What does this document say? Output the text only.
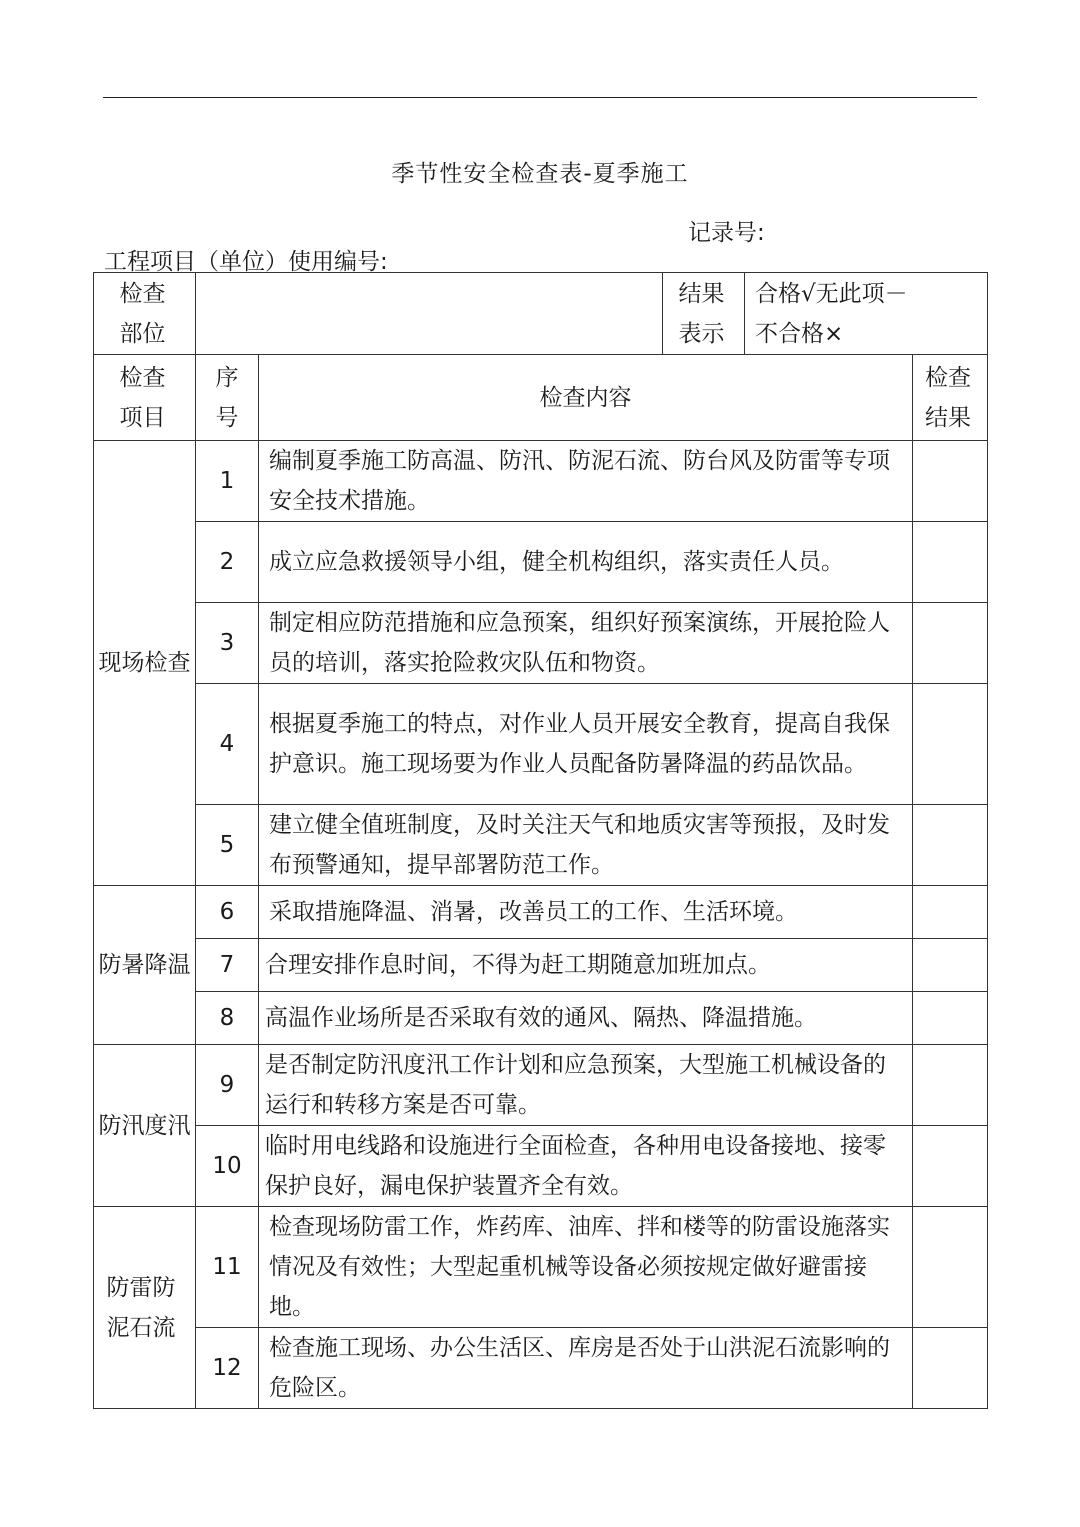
季节性安全检查表-夏季施工
记录号:
工程项目（单位）使用编号:
检查部位			结果表示	合格√无此项－
不合格×	

检查项目	序号	检查内容			检查结果
现场检查	1	编制夏季施工防高温、防汛、防泥石流、防台风及防雷等专项安全技术措施。			
	2	成立应急救援领导小组，健全机构组织，落实责任人员。			
	3	制定相应防范措施和应急预案，组织好预案演练，开展抢险人员的培训，落实抢险救灾队伍和物资。			
	4	根据夏季施工的特点，对作业人员开展安全教育，提高自我保护意识。施工现场要为作业人员配备防暑降温的药品饮品。			
	5	建立健全值班制度，及时关注天气和地质灾害等预报，及时发布预警通知，提早部署防范工作。			
防暑降温	6	采取措施降温、消暑，改善员工的工作、生活环境。			
	7	合理安排作息时间，不得为赶工期随意加班加点。			
	8	高温作业场所是否采取有效的通风、隔热、降温措施。			
防汛度汛	9	是否制定防汛度汛工作计划和应急预案，大型施工机械设备的运行和转移方案是否可靠。			
	10	临时用电线路和设施进行全面检查，各种用电设备接地、接零保护良好，漏电保护装置齐全有效。			
防雷防泥石流	11	检查现场防雷工作，炸药库、油库、拌和楼等的防雷设施落实情况及有效性；大型起重机械等设备必须按规定做好避雷接地。			
	12	检查施工现场、办公生活区、库房是否处于山洪泥石流影响的危险区。			
